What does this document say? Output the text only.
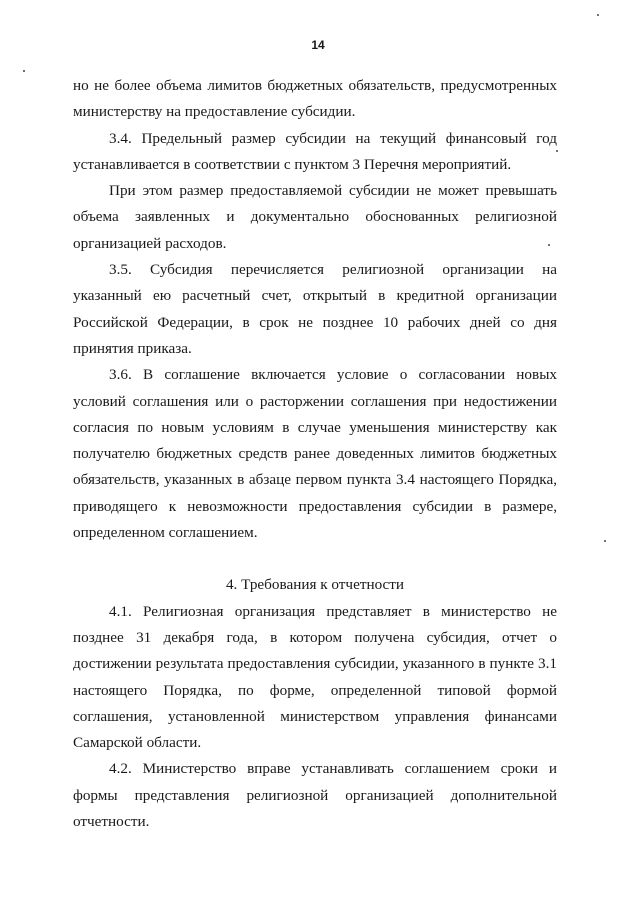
14

но не более объема лимитов бюджетных обязательств, предусмотренных министерству на предоставление субсидии.

3.4. Предельный размер субсидии на текущий финансовый год устанавливается в соответствии с пунктом 3 Перечня мероприятий.

При этом размер предоставляемой субсидии не может превышать объема заявленных и документально обоснованных религиозной организацией расходов.

3.5. Субсидия перечисляется религиозной организации на указанный ею расчетный счет, открытый в кредитной организации Российской Федерации, в срок не позднее 10 рабочих дней со дня принятия приказа.

3.6. В соглашение включается условие о согласовании новых условий соглашения или о расторжении соглашения при недостижении согласия по новым условиям в случае уменьшения министерству как получателю бюджетных средств ранее доведенных лимитов бюджетных обязательств, указанных в абзаце первом пункта 3.4 настоящего Порядка, приводящего к невозможности предоставления субсидии в размере, определенном соглашением.

4. Требования к отчетности

4.1. Религиозная организация представляет в министерство не позднее 31 декабря года, в котором получена субсидия, отчет о достижении результата предоставления субсидии, указанного в пункте 3.1 настоящего Порядка, по форме, определенной типовой формой соглашения, установленной министерством управления финансами Самарской области.

4.2. Министерство вправе устанавливать соглашением сроки и формы представления религиозной организацией дополнительной отчетности.
